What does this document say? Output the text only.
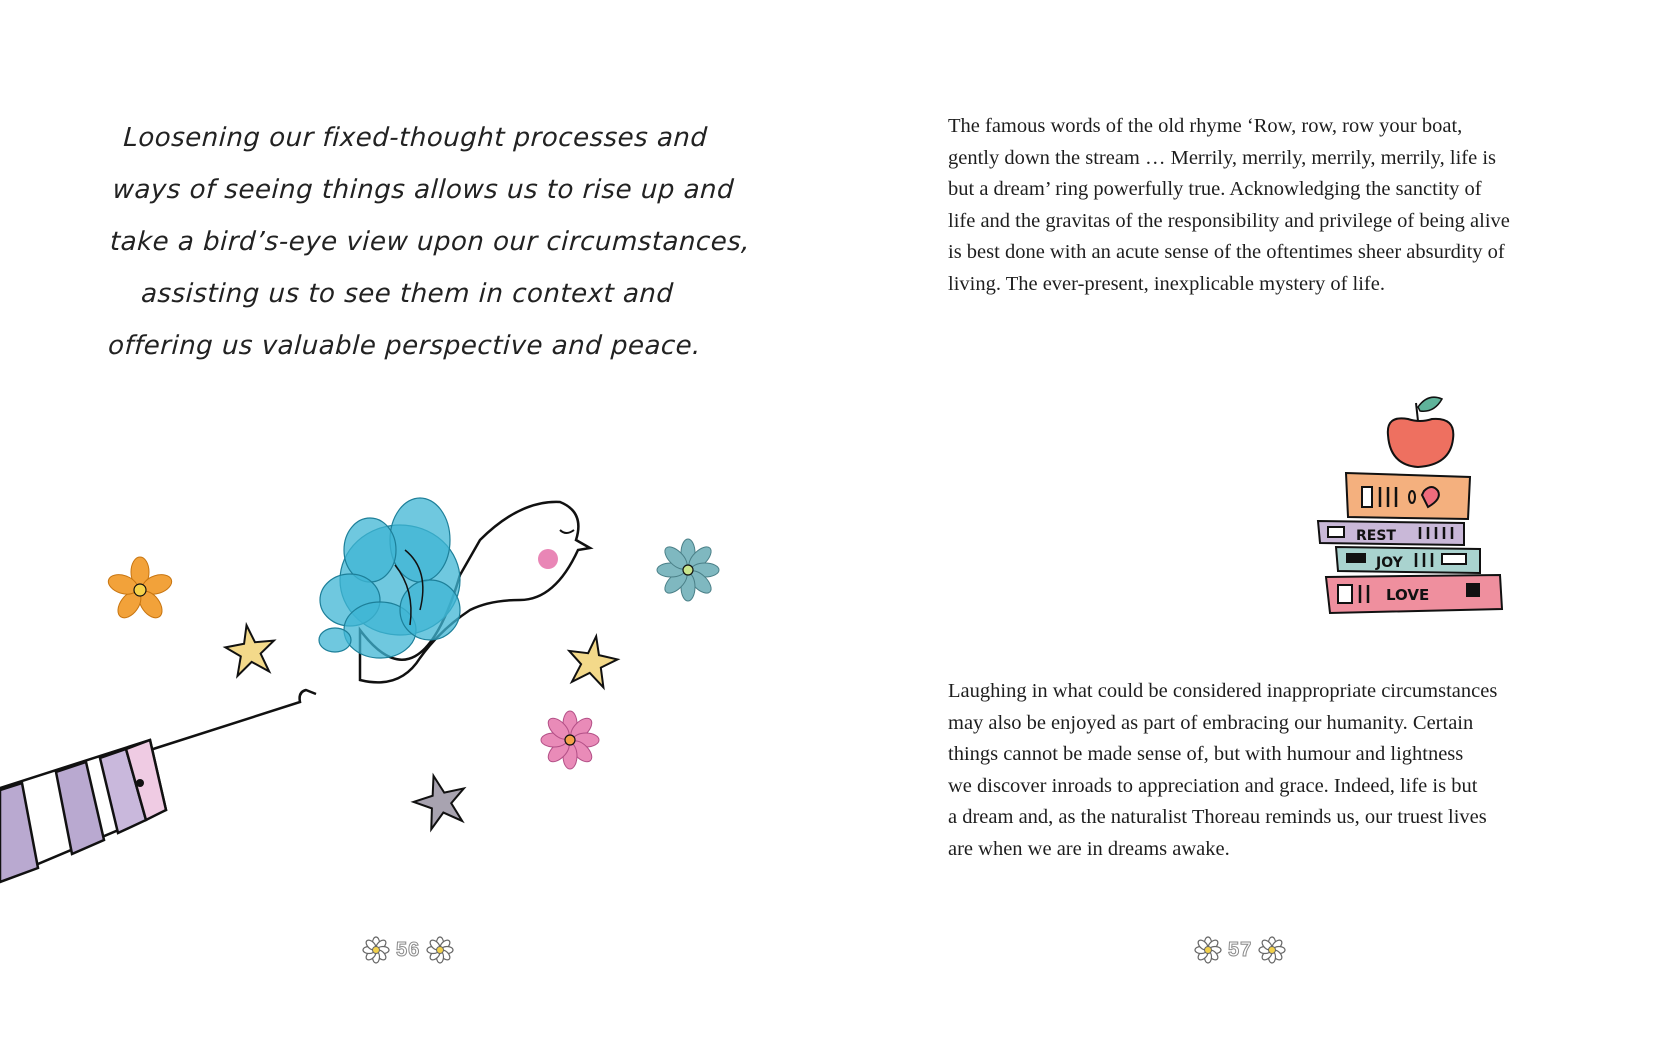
Loosening our fixed-thought processes and
ways of seeing things allows us to rise up and
take a bird’s-eye view upon our circumstances,
assisting us to see them in context and
offering us valuable perspective and peace.
56
The famous words of the old rhyme ‘Row, row, row your boat,
gently down the stream … Merrily, merrily, merrily, merrily, life is
but a dream’ ring powerfully true. Acknowledging the sanctity of
life and the gravitas of the responsibility and privilege of being alive
is best done with an acute sense of the oftentimes sheer absurdity of
living. The ever-present, inexplicable mystery of life.
REST
JOY
LOVE
Laughing in what could be considered inappropriate circumstances
may also be enjoyed as part of embracing our humanity. Certain
things cannot be made sense of, but with humour and lightness
we discover inroads to appreciation and grace. Indeed, life is but
a dream and, as the naturalist Thoreau reminds us, our truest lives
are when we are in dreams awake.
57
